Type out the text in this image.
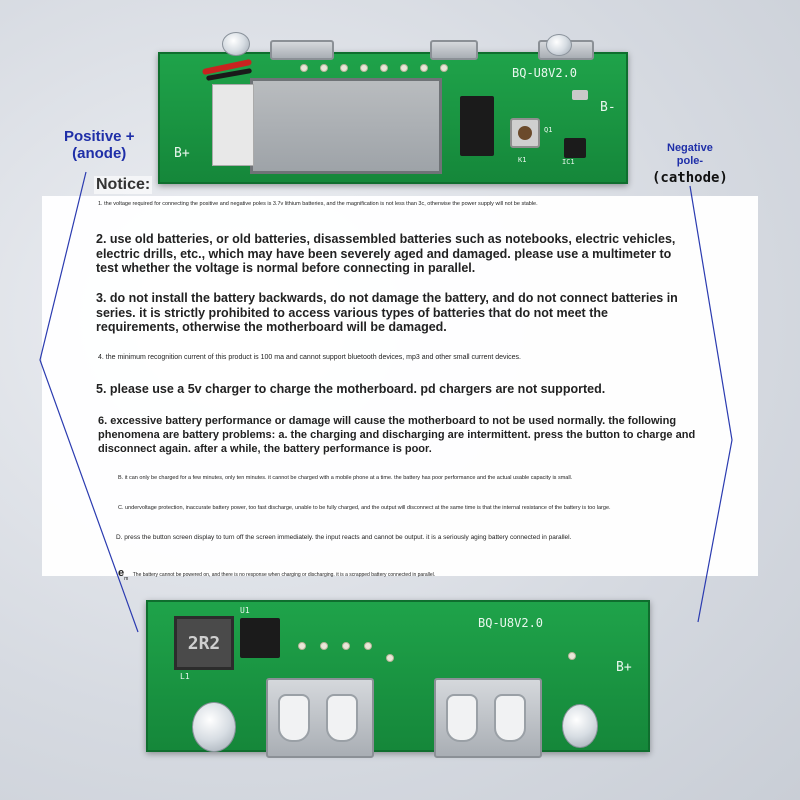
BQ-U8V2.0
B-
B+	K1
Q1
IC1
Positive +
(anode)	Negative
pole-
(cathode)
Notice:
1. the voltage required for connecting the positive and negative poles is 3.7v lithium batteries, and the magnification is not less than 3c, otherwise the power supply will not be stable.
2. use old batteries, or old batteries, disassembled batteries such as notebooks, electric vehicles, electric drills, etc., which may have been severely aged and damaged. please use a multimeter to test whether the voltage is normal before connecting in parallel.
3. do not install the battery backwards, do not damage the battery, and do not connect batteries in series. it is strictly prohibited to access various types of batteries that do not meet the requirements, otherwise the motherboard will be damaged.
4. the minimum recognition current of this product is 100 ma and cannot support bluetooth devices, mp3 and other small current devices.
5. please use a 5v charger to charge the motherboard. pd chargers are not supported.
6. excessive battery performance or damage will cause the motherboard to not be used normally. the following phenomena are battery problems: a. the charging and discharging are intermittent. press the button to charge and disconnect again. after a while, the battery performance is poor.
B. it can only be charged for a few minutes, only ten minutes. it cannot be charged with a mobile phone at a time. the battery has poor performance and the actual usable capacity is small.
C. undervoltage protection, inaccurate battery power, too fast discharge, unable to be fully charged, and the output will disconnect at the same time is that the internal resistance of the battery is too large.
D. press the button screen display to turn off the screen immediately. the input reacts and cannot be output. it is a seriously aging battery connected in parallel.
$e_m$ The battery cannot be powered on, and there is no response when charging or discharging. it is a scrapped battery connected in parallel.
2R2
BQ-U8V2.0
U1
B+
L1
